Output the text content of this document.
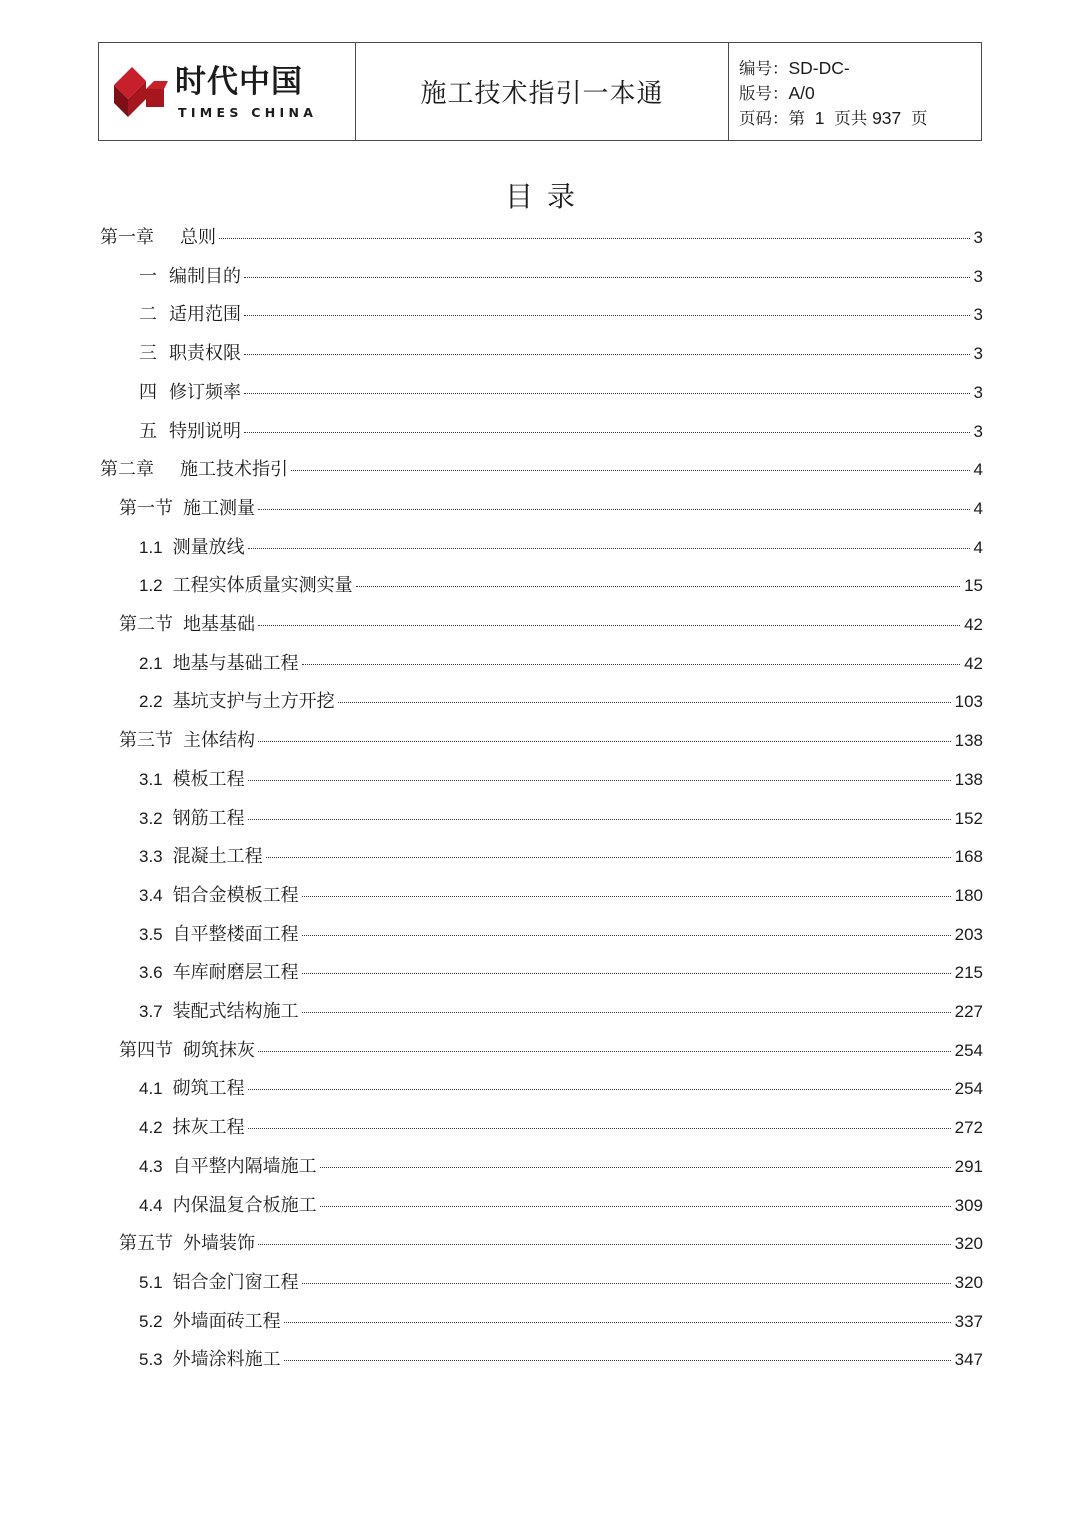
时代中国
TIMES CHINA
施工技术指引一本通
编号：SD-DC-
版号：A/0
页码：第 1 页共 937 页
目录
第一章 总则	3
一 编制目的	3
二 适用范围	3
三 职责权限	3
四 修订频率	3
五 特别说明	3
第二章 施工技术指引	4
第一节 施工测量	4
1.1 测量放线	4
1.2 工程实体质量实测实量	15
第二节 地基基础	42
2.1 地基与基础工程	42
2.2 基坑支护与土方开挖	103
第三节 主体结构	138
3.1 模板工程	138
3.2 钢筋工程	152
3.3 混凝土工程	168
3.4 铝合金模板工程	180
3.5 自平整楼面工程	203
3.6 车库耐磨层工程	215
3.7 装配式结构施工	227
第四节 砌筑抹灰	254
4.1 砌筑工程	254
4.2 抹灰工程	272
4.3 自平整内隔墙施工	291
4.4 内保温复合板施工	309
第五节 外墙装饰	320
5.1 铝合金门窗工程	320
5.2 外墙面砖工程	337
5.3 外墙涂料施工	347
